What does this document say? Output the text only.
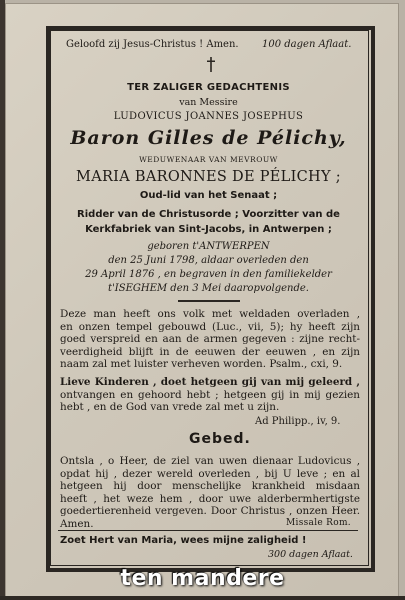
Geloofd zij Jesus-Christus ! Amen. 100 dagen Aflaat.
TER ZALIGER GEDACHTENIS
van Messire
LUDOVICUS JOANNES JOSEPHUS
Baron Gilles de Pélichy,
WEDUWENAAR VAN MEVROUW
MARIA BARONNES DE PÉLICHY ;
Oud-lid van het Senaat ;
Ridder van de Christusorde ; Voorzitter van de
Kerkfabriek van Sint-Jacobs, in Antwerpen ;
geboren t'ANTWERPEN
den 25 Juni 1798, aldaar overleden den
29 April 1876 , en begraven in den familiekelder
t'ISEGHEM den 3 Mei daaropvolgende.
Deze man heeft ons volk met weldaden overladen ,
en onzen tempel gebouwd (Luc., vii, 5); hy heeft zijn
goed verspreid en aan de armen gegeven : zijne recht-
veerdigheid blijft in de eeuwen der eeuwen , en zijn
naam zal met luister verheven worden. Psalm., cxi, 9.
Lieve Kinderen , doet hetgeen gij van mij geleerd ,
ontvangen en gehoord hebt ; hetgeen gij in mij gezien
hebt , en de God van vrede zal met u zijn.
Ad Philipp., iv, 9.
Gebed.
Ontsla , o Heer, de ziel van uwen dienaar Ludovicus ,
opdat hij , dezer wereld overleden , bij U leve ; en al
hetgeen hij door menschelijke krankheid misdaan
heeft , het weze hem , door uwe alderbermhertigste
goedertierenheid vergeven. Door Christus , onzen Heer.
Amen.	Missale Rom.
Zoet Hert van Maria, wees mijne zaligheid !
300 dagen Aflaat.
ten mandere
